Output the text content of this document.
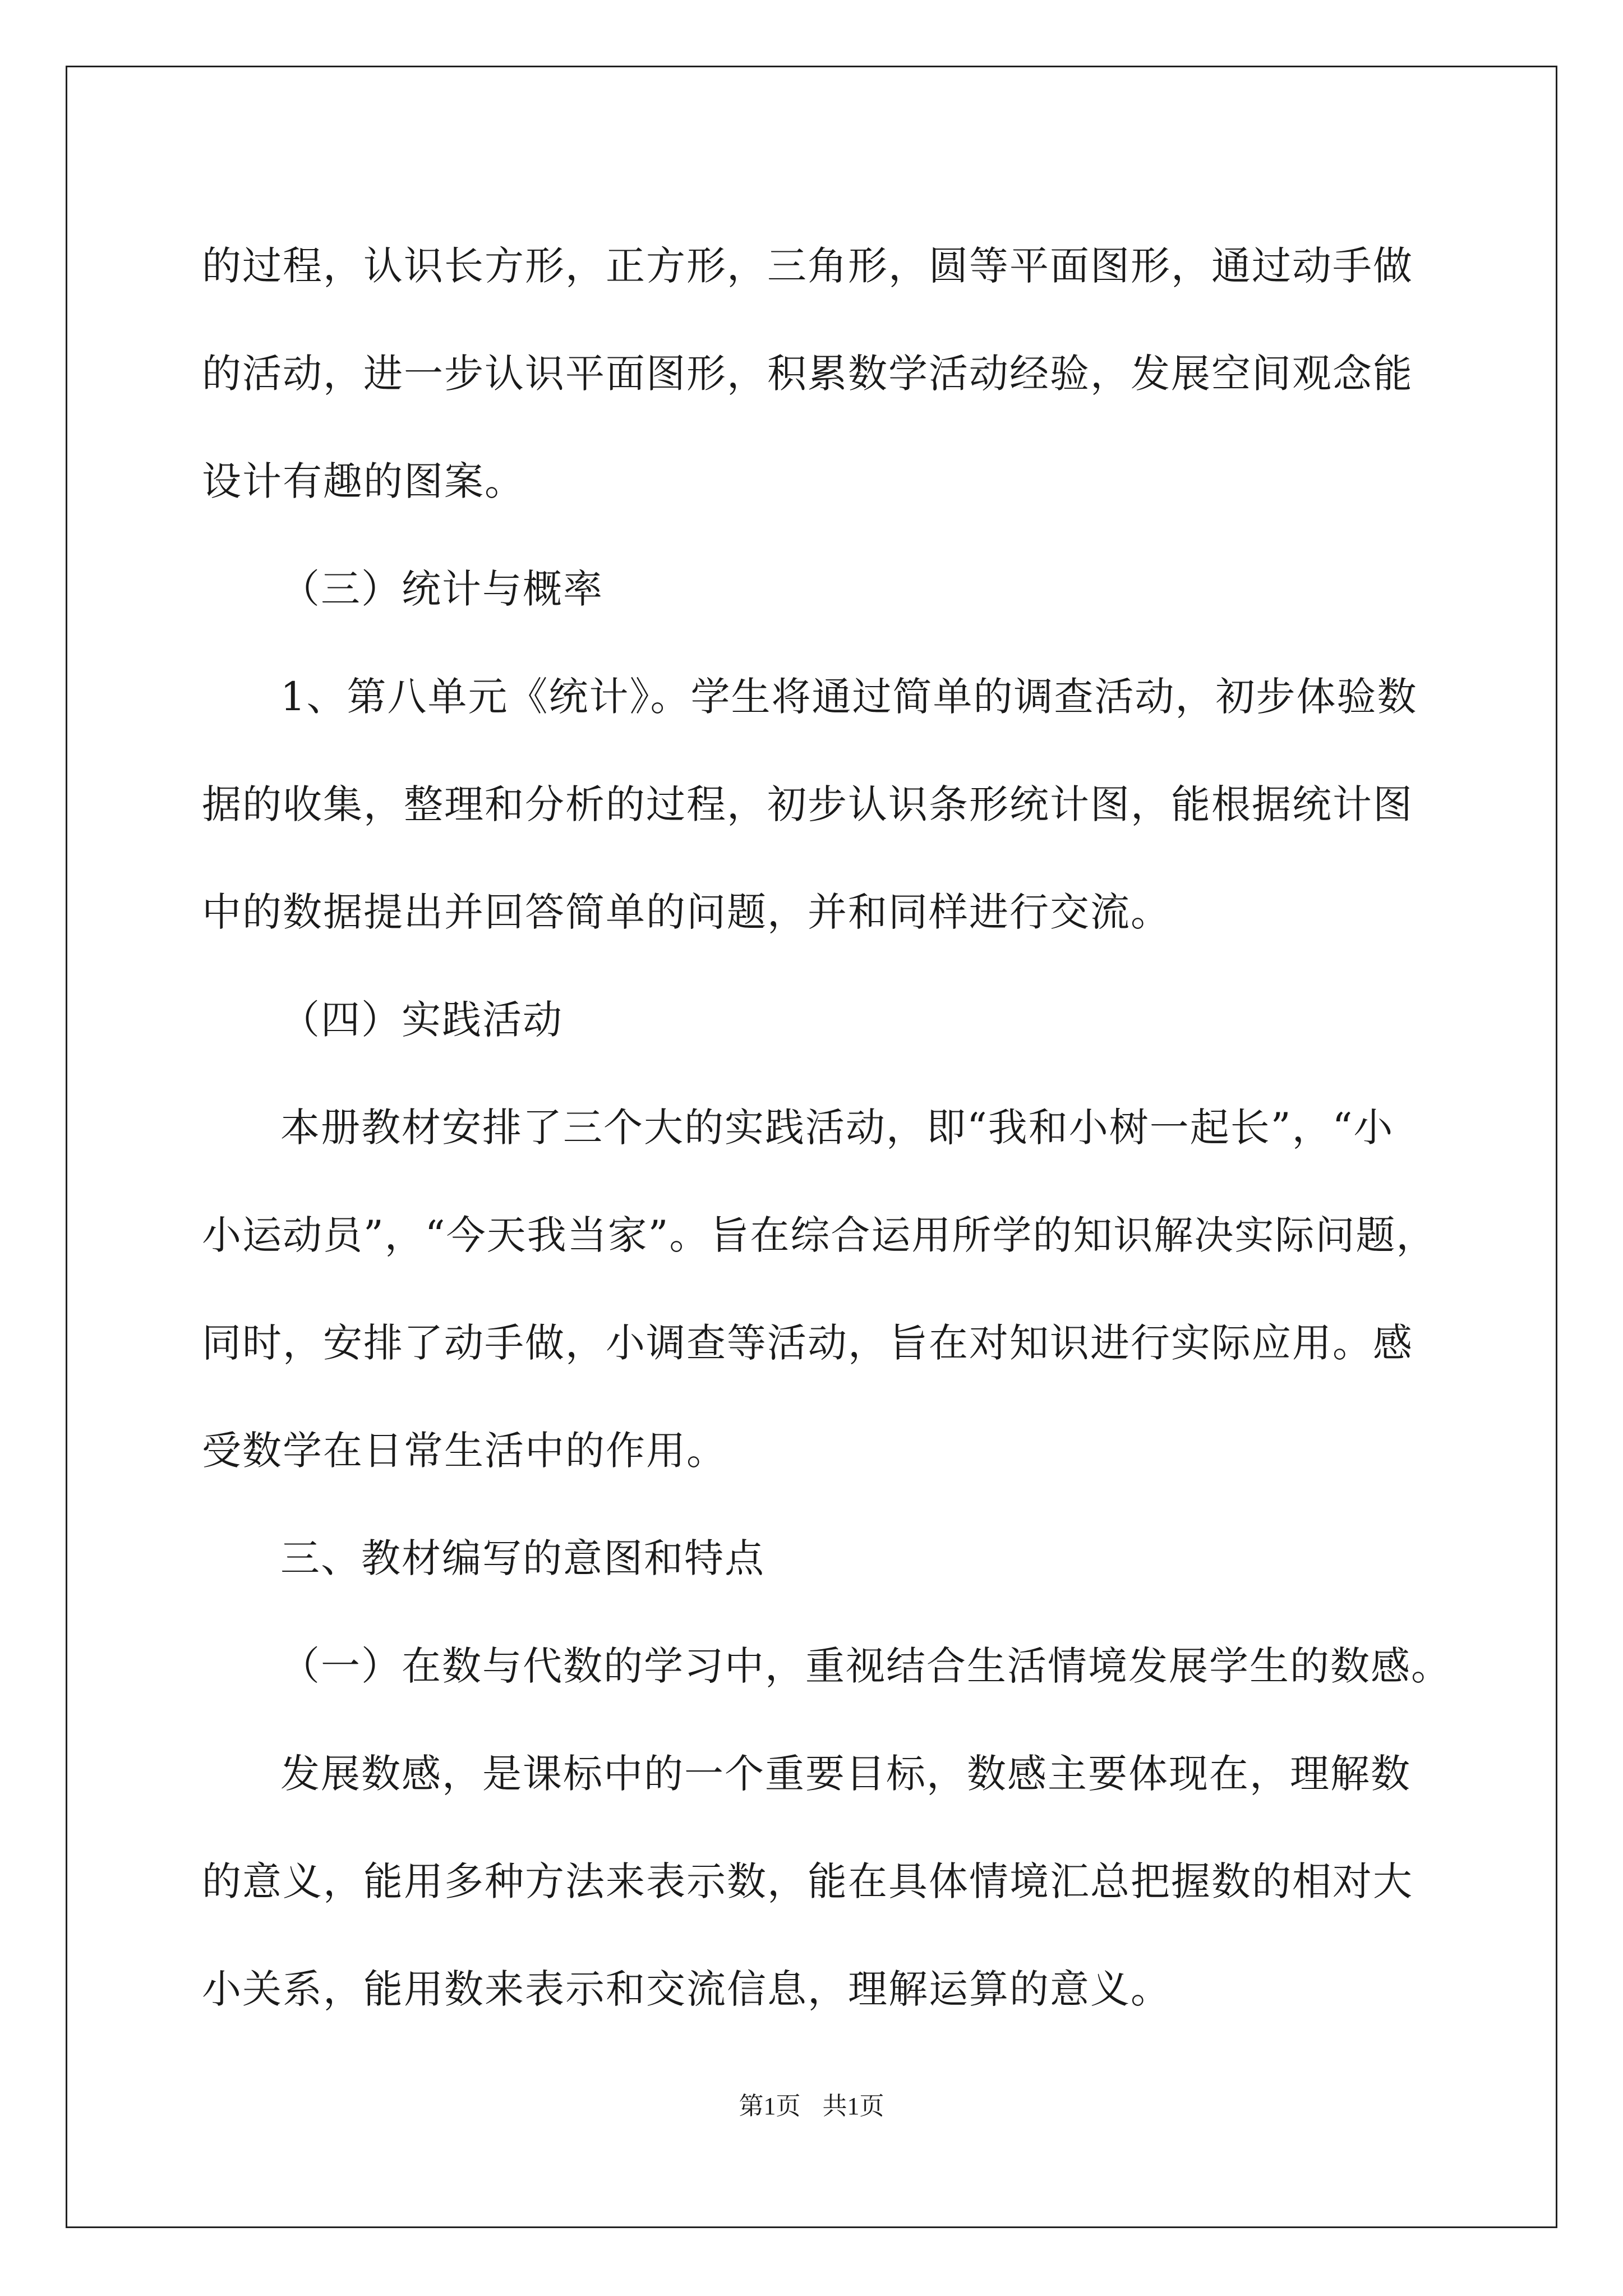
的过程，认识长方形，正方形，三角形，圆等平面图形，通过动手做
的活动，进一步认识平面图形，积累数学活动经验，发展空间观念能
设计有趣的图案。
（三）统计与概率
1、第八单元《统计》。学生将通过简单的调查活动，初步体验数
据的收集，整理和分析的过程，初步认识条形统计图，能根据统计图
中的数据提出并回答简单的问题，并和同样进行交流。
（四）实践活动
本册教材安排了三个大的实践活动，即“我和小树一起长”，“小
小运动员”，“今天我当家”。旨在综合运用所学的知识解决实际问题，
同时，安排了动手做，小调查等活动，旨在对知识进行实际应用。感
受数学在日常生活中的作用。
三、教材编写的意图和特点
（一）在数与代数的学习中，重视结合生活情境发展学生的数感。
发展数感，是课标中的一个重要目标，数感主要体现在，理解数
的意义，能用多种方法来表示数，能在具体情境汇总把握数的相对大
小关系，能用数来表示和交流信息，理解运算的意义。
第1页 共1页
